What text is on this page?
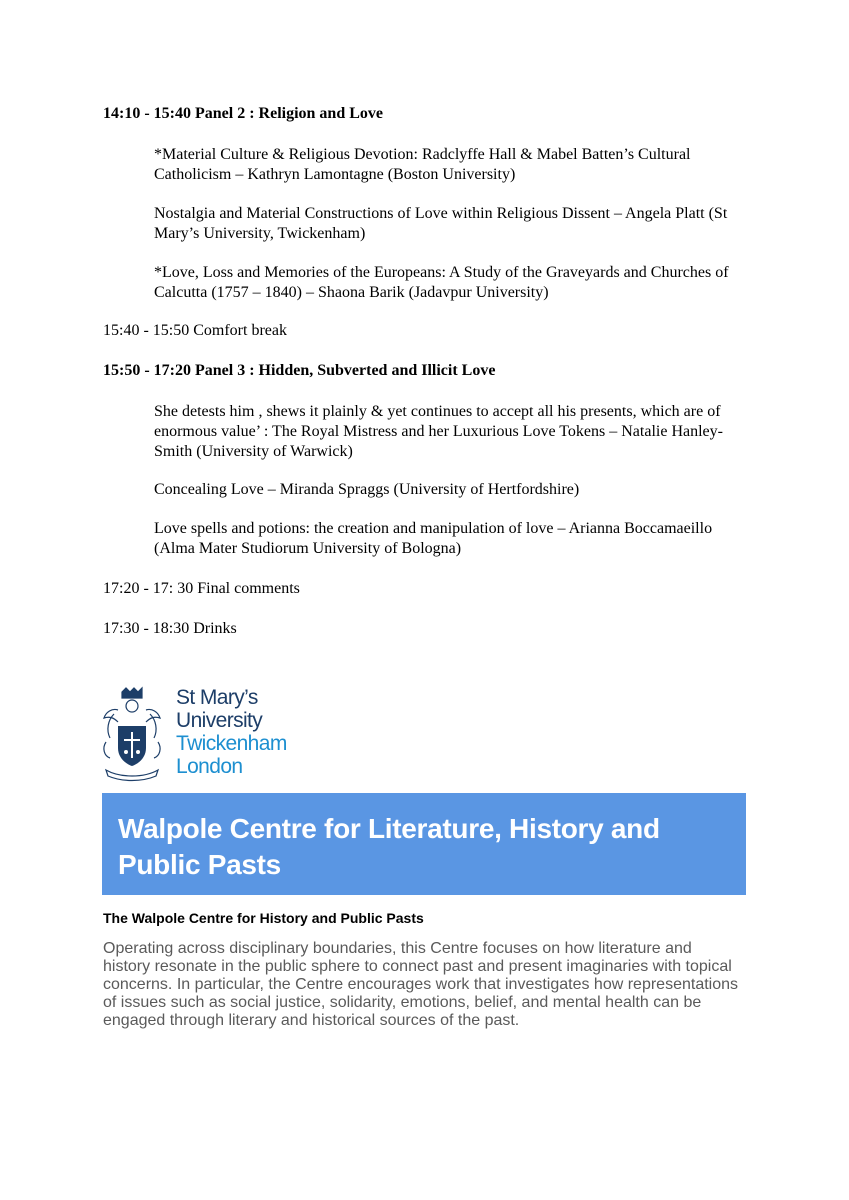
14:10 - 15:40 Panel 2 : Religion and Love
*Material Culture & Religious Devotion: Radclyffe Hall & Mabel Batten’s Cultural Catholicism – Kathryn Lamontagne (Boston University)
Nostalgia and Material Constructions of Love within Religious Dissent – Angela Platt (St Mary’s University, Twickenham)
*Love, Loss and Memories of the Europeans: A Study of the Graveyards and Churches of Calcutta (1757 – 1840) – Shaona Barik (Jadavpur University)
15:40 - 15:50 Comfort break
15:50 - 17:20 Panel 3 : Hidden, Subverted and Illicit Love
She detests him , shews it plainly & yet continues to accept all his presents, which are of enormous value’ : The Royal Mistress and her Luxurious Love Tokens – Natalie Hanley-Smith (University of Warwick)
Concealing Love – Miranda Spraggs (University of Hertfordshire)
Love spells and potions: the creation and manipulation of love – Arianna Boccamaeillo (Alma Mater Studiorum University of Bologna)
17:20 - 17: 30 Final comments
17:30 - 18:30 Drinks
St Mary’s
University
Twickenham
London
Walpole Centre for Literature, History and Public Pasts
The Walpole Centre for History and Public Pasts
Operating across disciplinary boundaries, this Centre focuses on how literature and history resonate in the public sphere to connect past and present imaginaries with topical concerns. In particular, the Centre encourages work that investigates how representations of issues such as social justice, solidarity, emotions, belief, and mental health can be engaged through literary and historical sources of the past.
